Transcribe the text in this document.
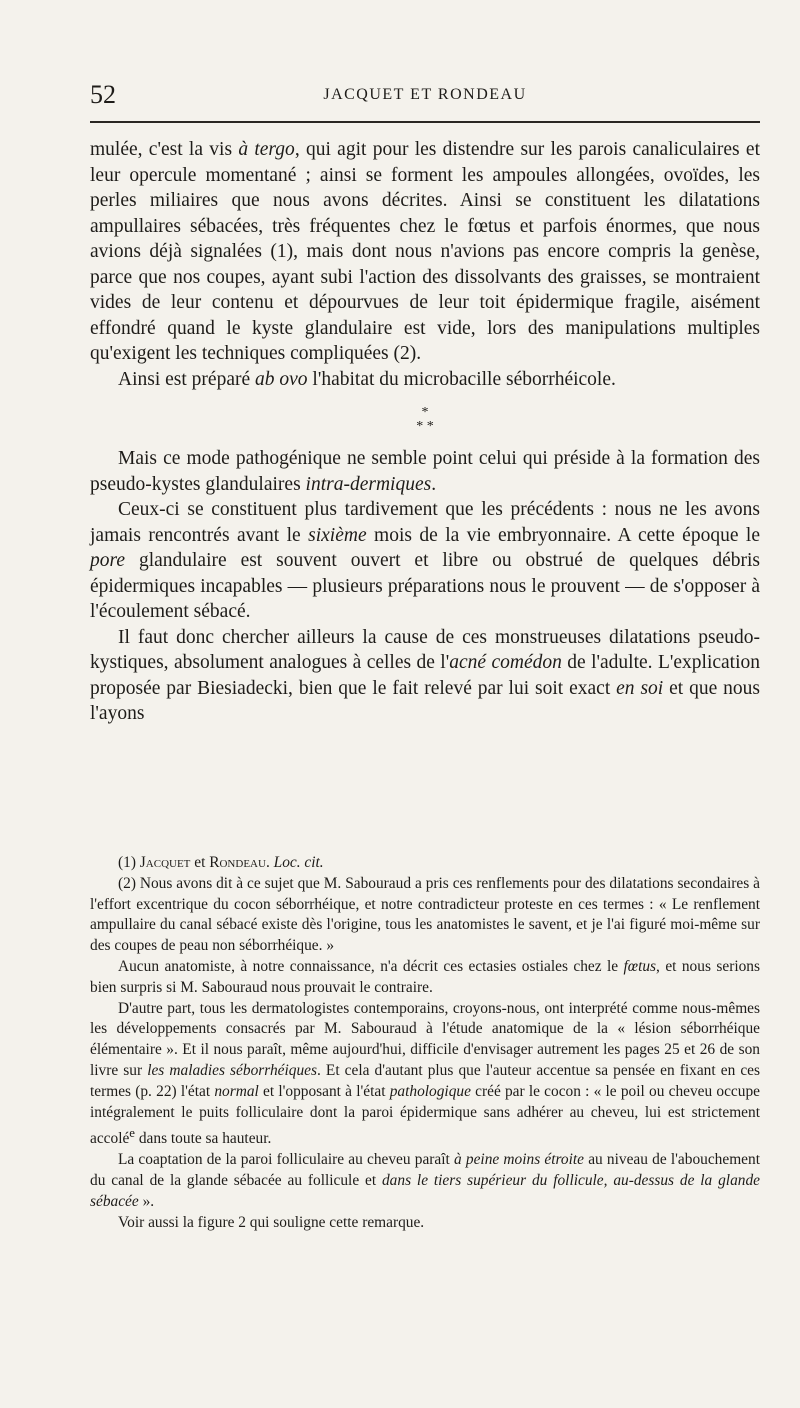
52	JACQUET ET RONDEAU

mulée, c'est la vis à tergo, qui agit pour les distendre sur les parois canaliculaires et leur opercule momentané ; ainsi se forment les ampoules allongées, ovoïdes, les perles miliaires que nous avons décrites. Ainsi se constituent les dilatations ampullaires sébacées, très fréquentes chez le fœtus et parfois énormes, que nous avions déjà signalées (1), mais dont nous n'avions pas encore compris la genèse, parce que nos coupes, ayant subi l'action des dissolvants des graisses, se montraient vides de leur contenu et dépourvues de leur toit épidermique fragile, aisément effondré quand le kyste glandulaire est vide, lors des manipulations multiples qu'exigent les techniques compliquées (2).

Ainsi est préparé ab ovo l'habitat du microbacille séborrhéicole.

*
* *

Mais ce mode pathogénique ne semble point celui qui préside à la formation des pseudo-kystes glandulaires intra-dermiques.

Ceux-ci se constituent plus tardivement que les précédents : nous ne les avons jamais rencontrés avant le sixième mois de la vie embryonnaire. A cette époque le pore glandulaire est souvent ouvert et libre ou obstrué de quelques débris épidermiques incapables — plusieurs préparations nous le prouvent — de s'opposer à l'écoulement sébacé.

Il faut donc chercher ailleurs la cause de ces monstrueuses dilatations pseudo-kystiques, absolument analogues à celles de l'acné comédon de l'adulte. L'explication proposée par Biesiadecki, bien que le fait relevé par lui soit exact en soi et que nous l'ayons

(1) Jacquet et Rondeau. Loc. cit.

(2) Nous avons dit à ce sujet que M. Sabouraud a pris ces renflements pour des dilatations secondaires à l'effort excentrique du cocon séborrhéique, et notre contradicteur proteste en ces termes : « Le renflement ampullaire du canal sébacé existe dès l'origine, tous les anatomistes le savent, et je l'ai figuré moi-même sur des coupes de peau non séborrhéique. »

Aucun anatomiste, à notre connaissance, n'a décrit ces ectasies ostiales chez le fœtus, et nous serions bien surpris si M. Sabouraud nous prouvait le contraire.

D'autre part, tous les dermatologistes contemporains, croyons-nous, ont interprété comme nous-mêmes les développements consacrés par M. Sabouraud à l'étude anatomique de la « lésion séborrhéique élémentaire ». Et il nous paraît, même aujourd'hui, difficile d'envisager autrement les pages 25 et 26 de son livre sur les maladies séborrhéiques. Et cela d'autant plus que l'auteur accentue sa pensée en fixant en ces termes (p. 22) l'état normal et l'opposant à l'état pathologique créé par le cocon : « le poil ou cheveu occupe intégralement le puits folliculaire dont la paroi épidermique sans adhérer au cheveu, lui est strictement accolé$^e$ dans toute sa hauteur.

La coaptation de la paroi folliculaire au cheveu paraît à peine moins étroite au niveau de l'abouchement du canal de la glande sébacée au follicule et dans le tiers supérieur du follicule, au-dessus de la glande sébacée ».

Voir aussi la figure 2 qui souligne cette remarque.
